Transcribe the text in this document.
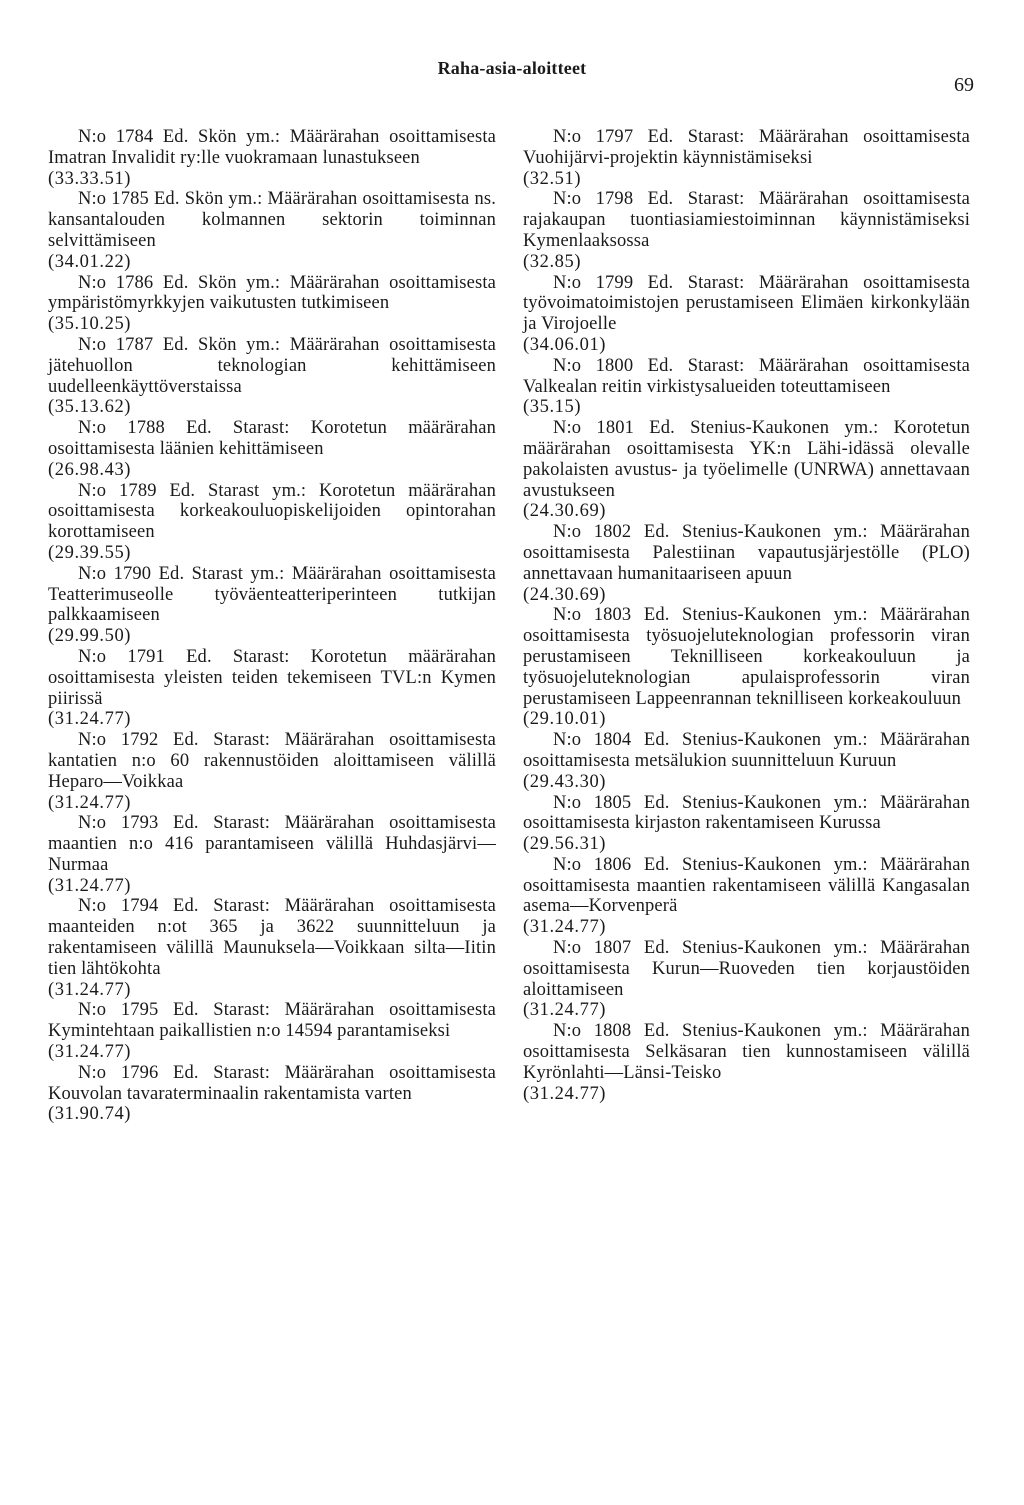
Raha-asia-aloitteet
69
N:o 1784 Ed. Skön ym.: Määrärahan osoittamisesta Imatran Invalidit ry:lle vuokramaan lunastukseen
(33.33.51)
N:o 1785 Ed. Skön ym.: Määrärahan osoittamisesta ns. kansantalouden kolmannen sektorin toiminnan selvittämiseen
(34.01.22)
N:o 1786 Ed. Skön ym.: Määrärahan osoittamisesta ympäristömyrkkyjen vaikutusten tutkimiseen
(35.10.25)
N:o 1787 Ed. Skön ym.: Määrärahan osoittamisesta jätehuollon teknologian kehittämiseen uudelleenkäyttöverstaissa
(35.13.62)
N:o 1788 Ed. Starast: Korotetun määrärahan osoittamisesta läänien kehittämiseen
(26.98.43)
N:o 1789 Ed. Starast ym.: Korotetun määrärahan osoittamisesta korkeakouluopiskelijoiden opintorahan korottamiseen
(29.39.55)
N:o 1790 Ed. Starast ym.: Määrärahan osoittamisesta Teatterimuseolle työväenteatteriperinteen tutkijan palkkaamiseen
(29.99.50)
N:o 1791 Ed. Starast: Korotetun määrärahan osoittamisesta yleisten teiden tekemiseen TVL:n Kymen piirissä
(31.24.77)
N:o 1792 Ed. Starast: Määrärahan osoittamisesta kantatien n:o 60 rakennustöiden aloittamiseen välillä Heparo—Voikkaa
(31.24.77)
N:o 1793 Ed. Starast: Määrärahan osoittamisesta maantien n:o 416 parantamiseen välillä Huhdasjärvi—Nurmaa
(31.24.77)
N:o 1794 Ed. Starast: Määrärahan osoittamisesta maanteiden n:ot 365 ja 3622 suunnitteluun ja rakentamiseen välillä Maunuksela—Voikkaan silta—Iitin tien lähtökohta
(31.24.77)
N:o 1795 Ed. Starast: Määrärahan osoittamisesta Kymintehtaan paikallistien n:o 14594 parantamiseksi
(31.24.77)
N:o 1796 Ed. Starast: Määrärahan osoittamisesta Kouvolan tavaraterminaalin rakentamista varten
(31.90.74)
N:o 1797 Ed. Starast: Määrärahan osoittamisesta Vuohijärvi-projektin käynnistämiseksi
(32.51)
N:o 1798 Ed. Starast: Määrärahan osoittamisesta rajakaupan tuontiasiamiestoiminnan käynnistämiseksi Kymenlaaksossa
(32.85)
N:o 1799 Ed. Starast: Määrärahan osoittamisesta työvoimatoimistojen perustamiseen Elimäen kirkonkylään ja Virojoelle
(34.06.01)
N:o 1800 Ed. Starast: Määrärahan osoittamisesta Valkealan reitin virkistysalueiden toteuttamiseen
(35.15)
N:o 1801 Ed. Stenius-Kaukonen ym.: Korotetun määrärahan osoittamisesta YK:n Lähi-idässä olevalle pakolaisten avustus- ja työelimelle (UNRWA) annettavaan avustukseen
(24.30.69)
N:o 1802 Ed. Stenius-Kaukonen ym.: Määrärahan osoittamisesta Palestiinan vapautusjärjestölle (PLO) annettavaan humanitaariseen apuun
(24.30.69)
N:o 1803 Ed. Stenius-Kaukonen ym.: Määrärahan osoittamisesta työsuojeluteknologian professorin viran perustamiseen Teknilliseen korkeakouluun ja työsuojeluteknologian apulaisprofessorin viran perustamiseen Lappeenrannan teknilliseen korkeakouluun
(29.10.01)
N:o 1804 Ed. Stenius-Kaukonen ym.: Määrärahan osoittamisesta metsälukion suunnitteluun Kuruun
(29.43.30)
N:o 1805 Ed. Stenius-Kaukonen ym.: Määrärahan osoittamisesta kirjaston rakentamiseen Kurussa
(29.56.31)
N:o 1806 Ed. Stenius-Kaukonen ym.: Määrärahan osoittamisesta maantien rakentamiseen välillä Kangasalan asema—Korvenperä
(31.24.77)
N:o 1807 Ed. Stenius-Kaukonen ym.: Määrärahan osoittamisesta Kurun—Ruoveden tien korjaustöiden aloittamiseen
(31.24.77)
N:o 1808 Ed. Stenius-Kaukonen ym.: Määrärahan osoittamisesta Selkäsaran tien kunnostamiseen välillä Kyrönlahti—Länsi-Teisko
(31.24.77)
